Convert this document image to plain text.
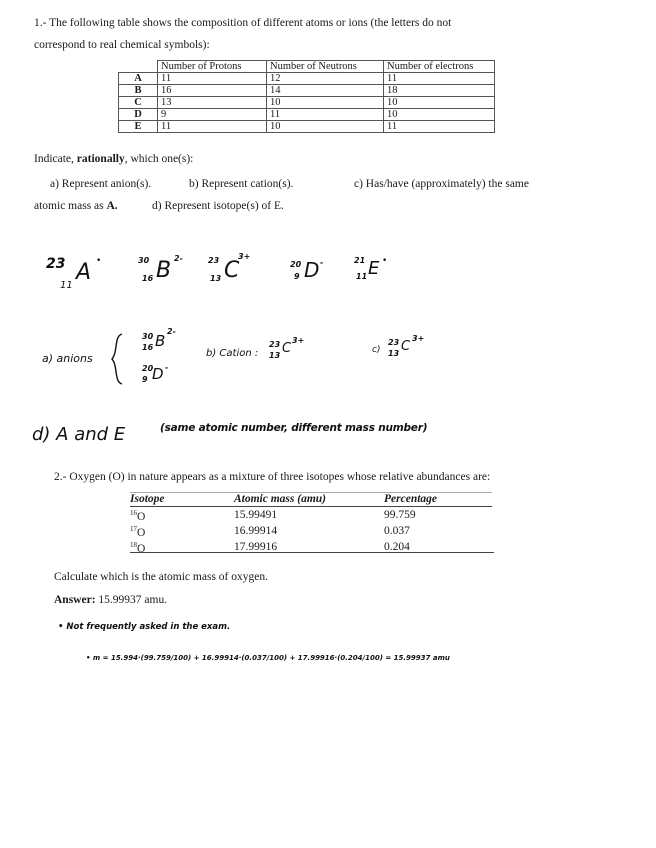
1.- The following table shows the composition of different atoms or ions (the letters do not
correspond to real chemical symbols):
	Number of Protons	Number of Neutrons	Number of electrons
A	11	12	11
B	16	14	18
C	13	10	10
D	9	11	10
E	11	10	11
Indicate, rationally, which one(s):
a) Represent anion(s).	b) Represent cation(s).	c) Has/have (approximately) the same
atomic mass as A.	d) Represent isotope(s) of E.
23
11
A •	30
16 B 2-	23
13 C
3+
20
9 D -	21
11 E •
a) anions
30
16 B
2-
20
9 D -
b) Cation :
23
13 C
3+
c)
23
13 C
3+
d) A and E	(same atomic number, different mass number)
2.- Oxygen (O) in nature appears as a mixture of three isotopes whose relative abundances are:
Isotope	Atomic mass (amu)	Percentage
$^{16}$O	15.99491	99.759
$^{17}$O	16.99914	0.037
$^{18}$O	17.99916	0.204
Calculate which is the atomic mass of oxygen.
Answer: 15.99937 amu.
• Not frequently asked in the exam.
• m = 15.994·(99.759/100) + 16.99914·(0.037/100) + 17.99916·(0.204/100) = 15.99937 amu
